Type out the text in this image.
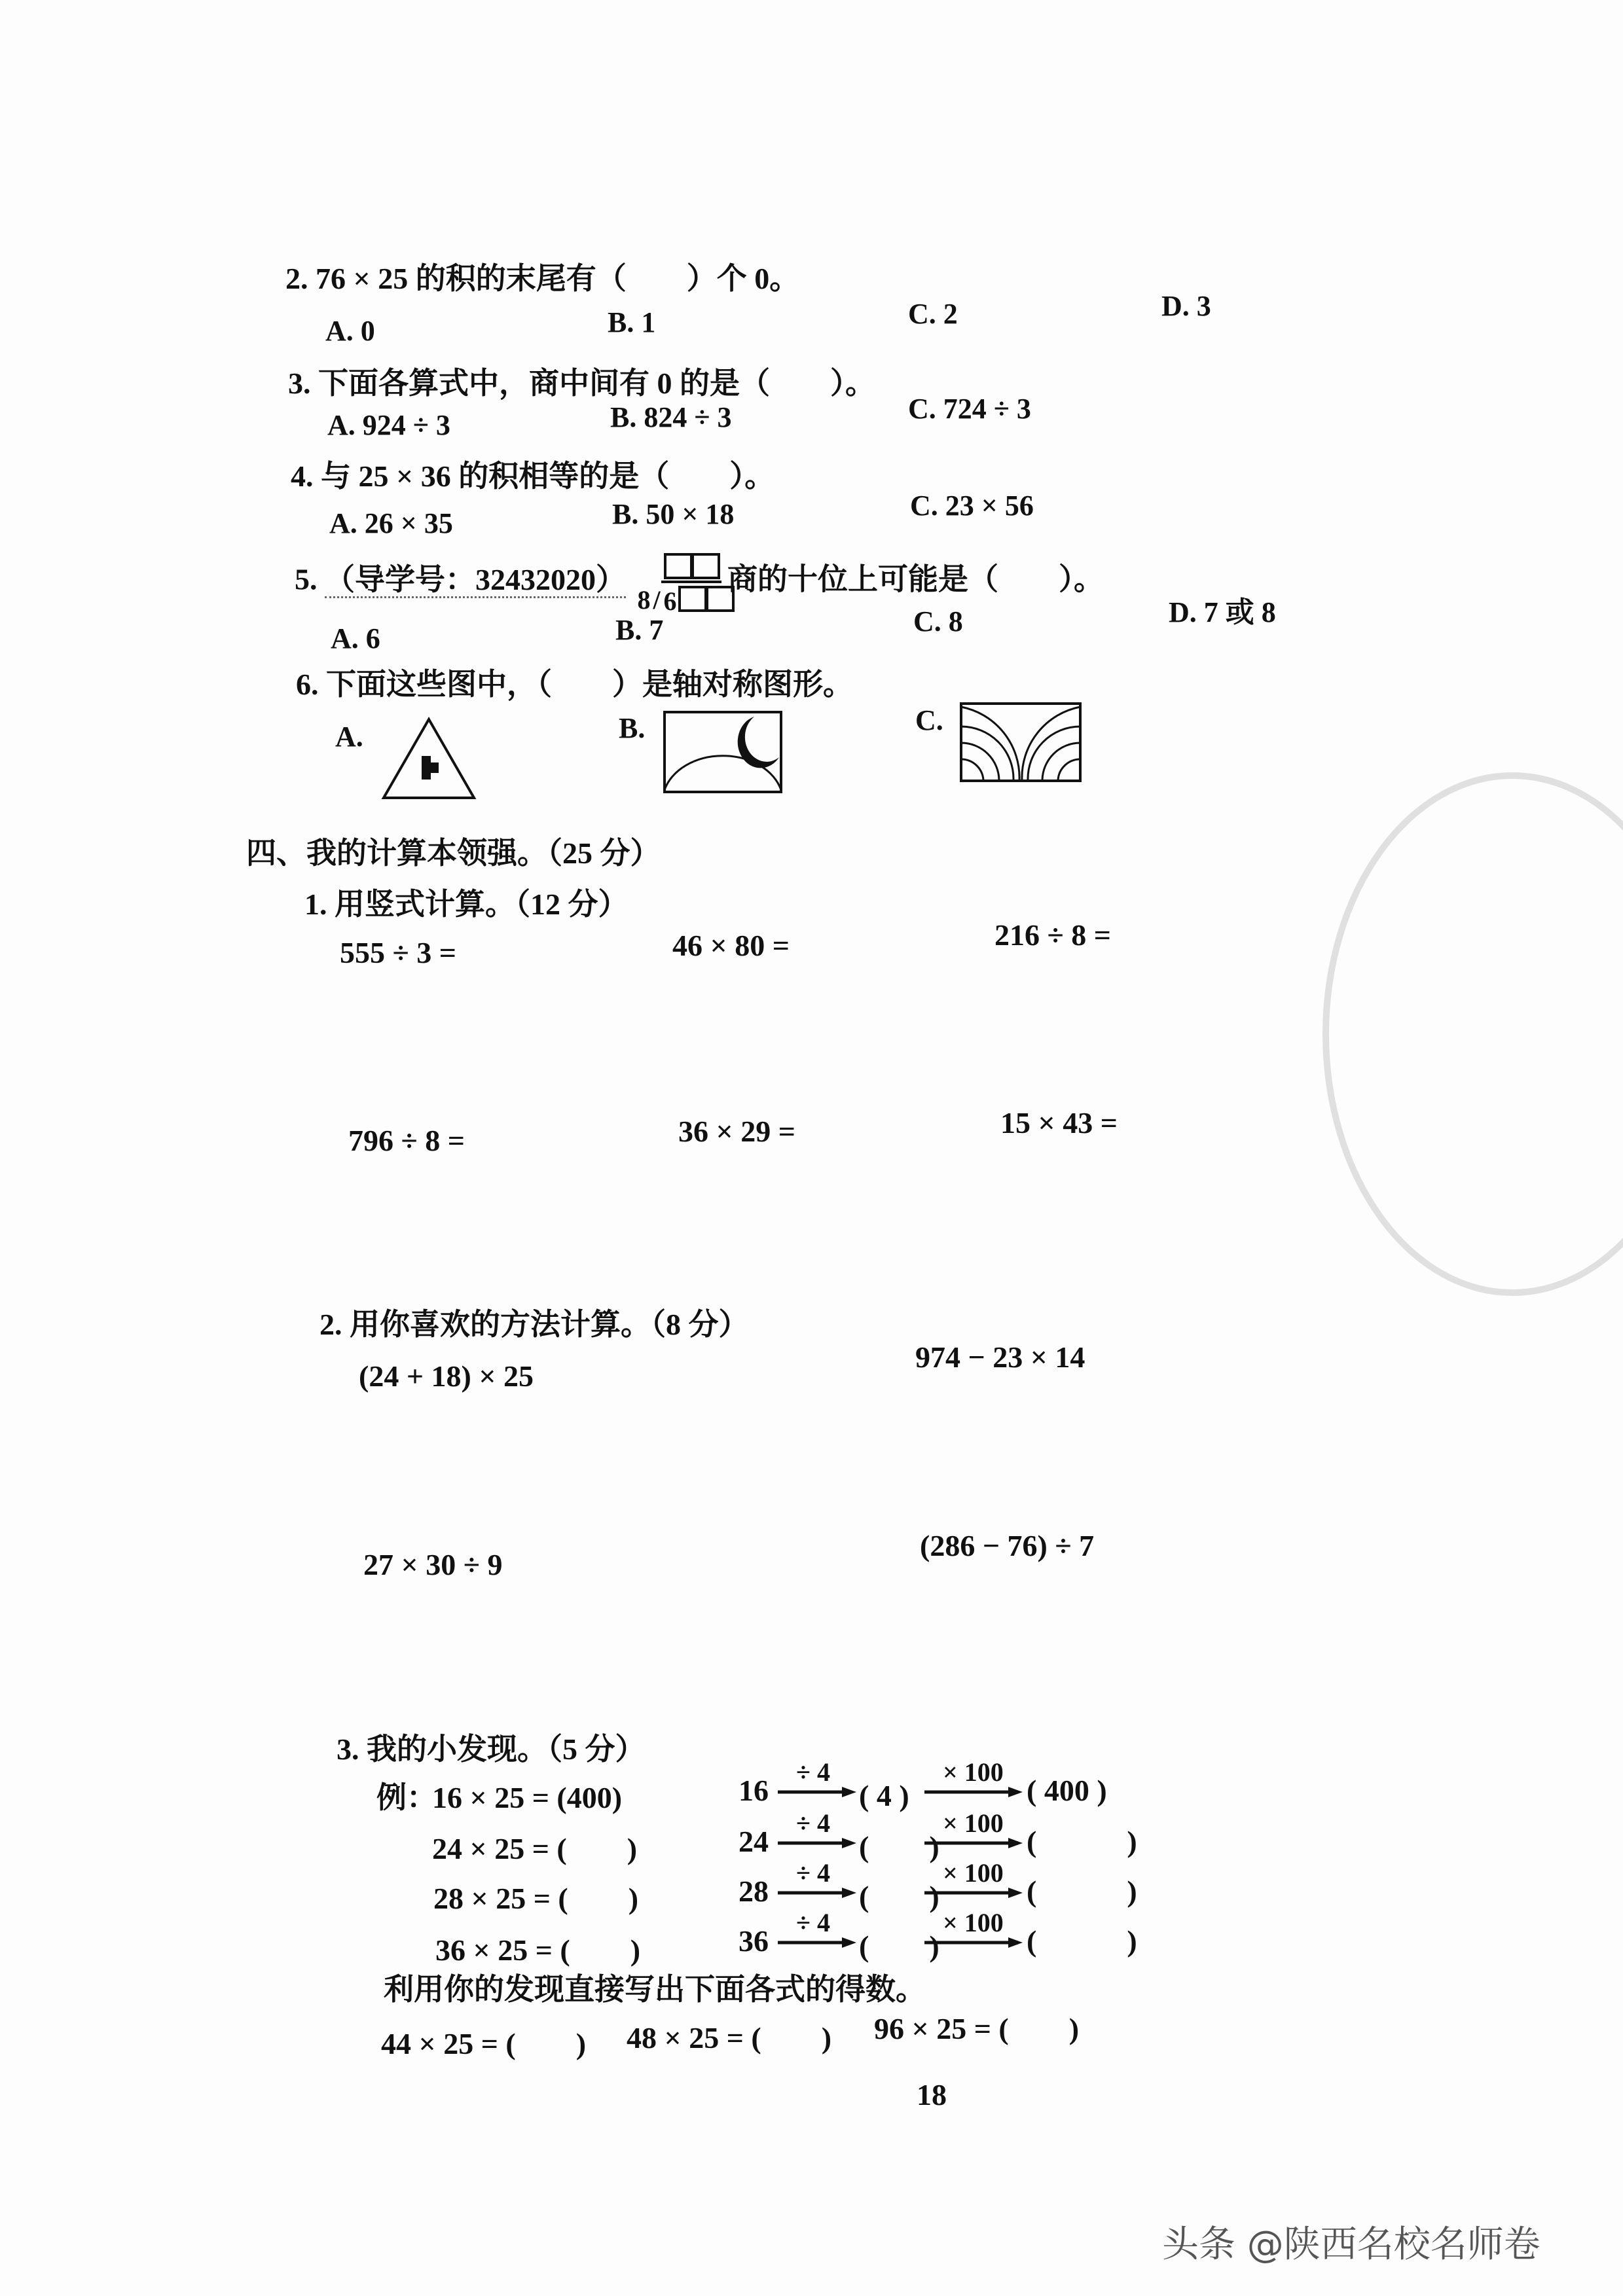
2. 76 × 25 的积的末尾有（　　）个 0。
A. 0	B. 1	C. 2	D. 3
3. 下面各算式中，商中间有 0 的是（　　）。
A. 924 ÷ 3	B. 824 ÷ 3	C. 724 ÷ 3
4. 与 25 × 36 的积相等的是（　　）。
A. 26 × 35	B. 50 × 18	C. 23 × 56
5. （导学号：32432020）
8 / 6
商的十位上可能是（　　）。
A. 6	B. 7	C. 8	D. 7 或 8
6. 下面这些图中，（　　）是轴对称图形。
A.	B.	C.
四、我的计算本领强。（25 分）
1. 用竖式计算。（12 分）
555 ÷ 3 =	46 × 80 =	216 ÷ 8 =
796 ÷ 8 =	36 × 29 =	15 × 43 =
2. 用你喜欢的方法计算。（8 分）
(24 + 18) × 25
974 − 23 × 14
27 × 30 ÷ 9
(286 − 76) ÷ 7
3. 我的小发现。（5 分）
例：
16 × 25 = (400)
24 × 25 = (　　)
28 × 25 = (　　)
36 × 25 = (　　)
16
÷ 4
( 4 )
× 100
( 400 )
24
÷ 4
(　　)
× 100
(　　　)
28
÷ 4
(　　)
× 100
(　　　)
36
÷ 4
(　　)
× 100
(　　　)
利用你的发现直接写出下面各式的得数。
44 × 25 = (　　) 48 × 25 = (　　) 96 × 25 = (　　)
18
头条 @陕西名校名师卷
